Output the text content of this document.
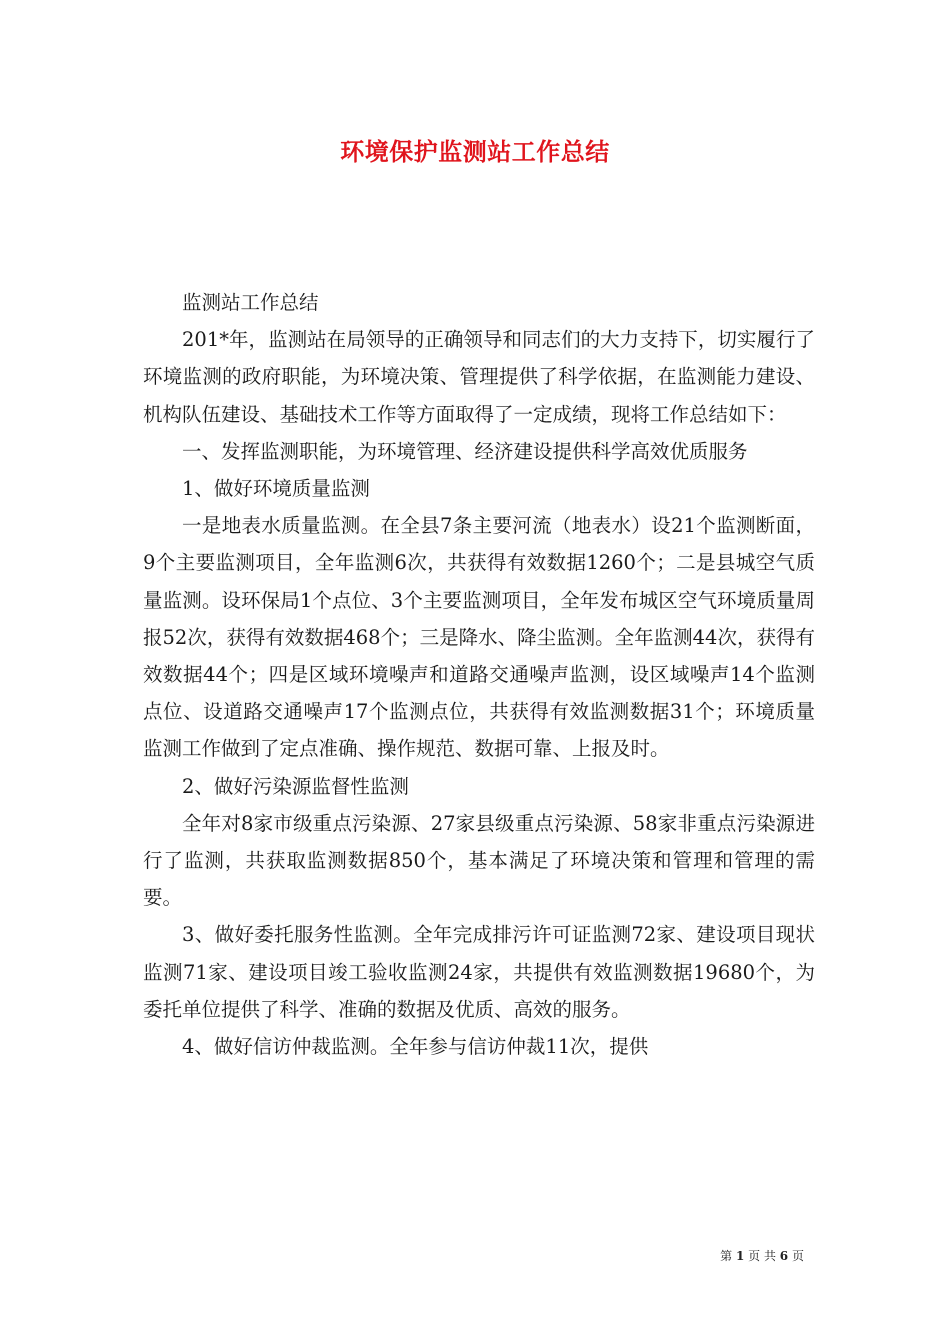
环境保护监测站工作总结

监测站工作总结

201*年，监测站在局领导的正确领导和同志们的大力支持下，切实履行了环境监测的政府职能，为环境决策、管理提供了科学依据，在监测能力建设、机构队伍建设、基础技术工作等方面取得了一定成绩，现将工作总结如下：

一、发挥监测职能，为环境管理、经济建设提供科学高效优质服务

1、做好环境质量监测

一是地表水质量监测。在全县7条主要河流（地表水）设21个监测断面，9个主要监测项目，全年监测6次，共获得有效数据1260个；二是县城空气质量监测。设环保局1个点位、3个主要监测项目，全年发布城区空气环境质量周报52次，获得有效数据468个；三是降水、降尘监测。全年监测44次，获得有效数据44个；四是区域环境噪声和道路交通噪声监测，设区域噪声14个监测点位、设道路交通噪声17个监测点位，共获得有效监测数据31个；环境质量监测工作做到了定点准确、操作规范、数据可靠、上报及时。

2、做好污染源监督性监测

全年对8家市级重点污染源、27家县级重点污染源、58家非重点污染源进行了监测，共获取监测数据850个，基本满足了环境决策和管理和管理的需要。

3、做好委托服务性监测。全年完成排污许可证监测72家、建设项目现状监测71家、建设项目竣工验收监测24家，共提供有效监测数据19680个，为委托单位提供了科学、准确的数据及优质、高效的服务。

4、做好信访仲裁监测。全年参与信访仲裁11次，提供

第 1 页 共 6 页
